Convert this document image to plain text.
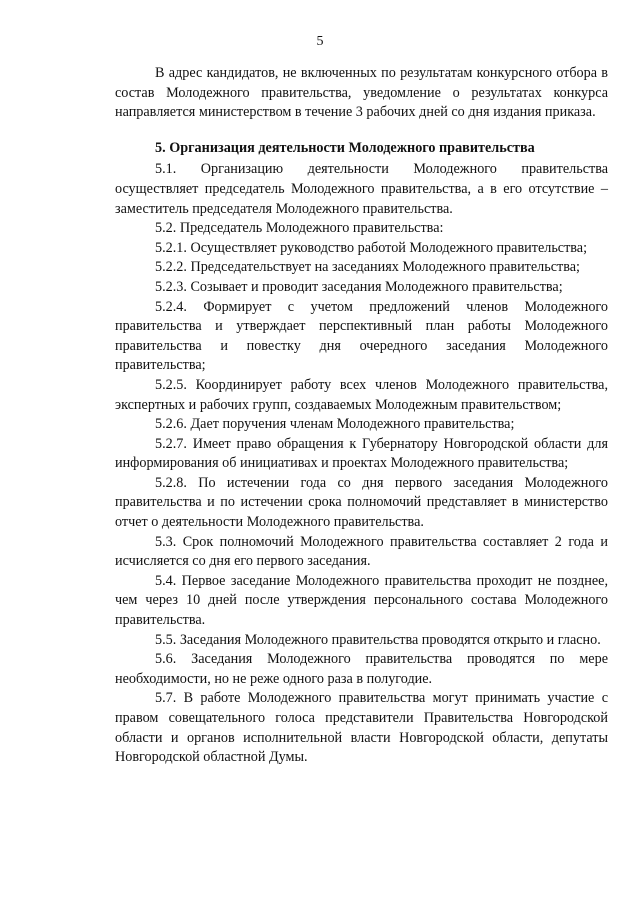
5

В адрес кандидатов, не включенных по результатам конкурсного отбора в состав Молодежного правительства, уведомление о результатах конкурса направляется министерством в течение 3 рабочих дней со дня издания приказа.

5. Организация деятельности Молодежного правительства

5.1. Организацию деятельности Молодежного правительства осуществляет председатель Молодежного правительства, а в его отсутствие – заместитель председателя Молодежного правительства.

5.2. Председатель Молодежного правительства:

5.2.1. Осуществляет руководство работой Молодежного правительства;

5.2.2. Председательствует на заседаниях Молодежного правительства;

5.2.3. Созывает и проводит заседания Молодежного правительства;

5.2.4. Формирует с учетом предложений членов Молодежного правительства и утверждает перспективный план работы Молодежного правительства и повестку дня очередного заседания Молодежного правительства;

5.2.5. Координирует работу всех членов Молодежного правительства, экспертных и рабочих групп, создаваемых Молодежным правительством;

5.2.6. Дает поручения членам Молодежного правительства;

5.2.7. Имеет право обращения к Губернатору Новгородской области для информирования об инициативах и проектах Молодежного правительства;

5.2.8. По истечении года со дня первого заседания Молодежного правительства и по истечении срока полномочий представляет в министерство отчет о деятельности Молодежного правительства.

5.3. Срок полномочий Молодежного правительства составляет 2 года и исчисляется со дня его первого заседания.

5.4. Первое заседание Молодежного правительства проходит не позднее, чем через 10 дней после утверждения персонального состава Молодежного правительства.

5.5. Заседания Молодежного правительства проводятся открыто и гласно.

5.6. Заседания Молодежного правительства проводятся по мере необходимости, но не реже одного раза в полугодие.

5.7. В работе Молодежного правительства могут принимать участие с правом совещательного голоса представители Правительства Новгородской области и органов исполнительной власти Новгородской области, депутаты Новгородской областной Думы.
